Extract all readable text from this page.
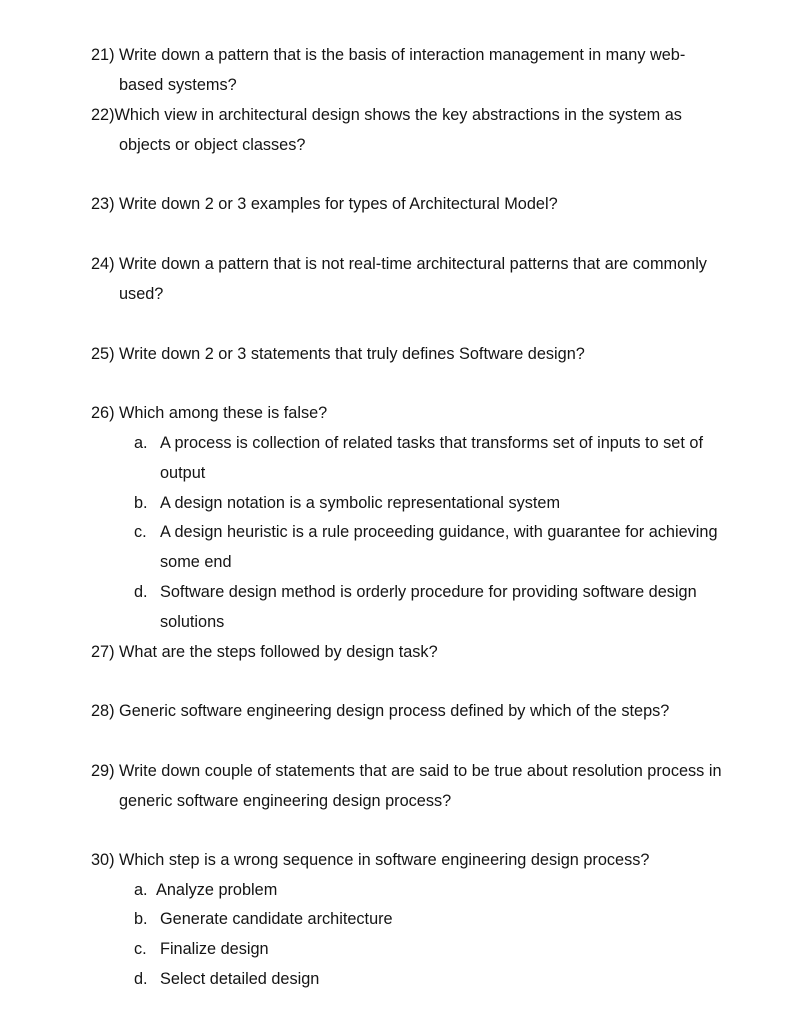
21) Write down a pattern that is the basis of interaction management in many web-
based systems?
22)Which view in architectural design shows the key abstractions in the system as
objects or object classes?
23) Write down 2 or 3 examples for types of Architectural Model?
24) Write down a pattern that is not real-time architectural patterns that are commonly
used?
25) Write down 2 or 3 statements that truly defines Software design?
26) Which among these is false?
a. A process is collection of related tasks that transforms set of inputs to set of
output
b. A design notation is a symbolic representational system
c. A design heuristic is a rule proceeding guidance, with guarantee for achieving
some end
d. Software design method is orderly procedure for providing software design
solutions
27) What are the steps followed by design task?
28) Generic software engineering design process defined by which of the steps?
29) Write down couple of statements that are said to be true about resolution process in
generic software engineering design process?
30) Which step is a wrong sequence in software engineering design process?
a. Analyze problem
b. Generate candidate architecture
c. Finalize design
d. Select detailed design
